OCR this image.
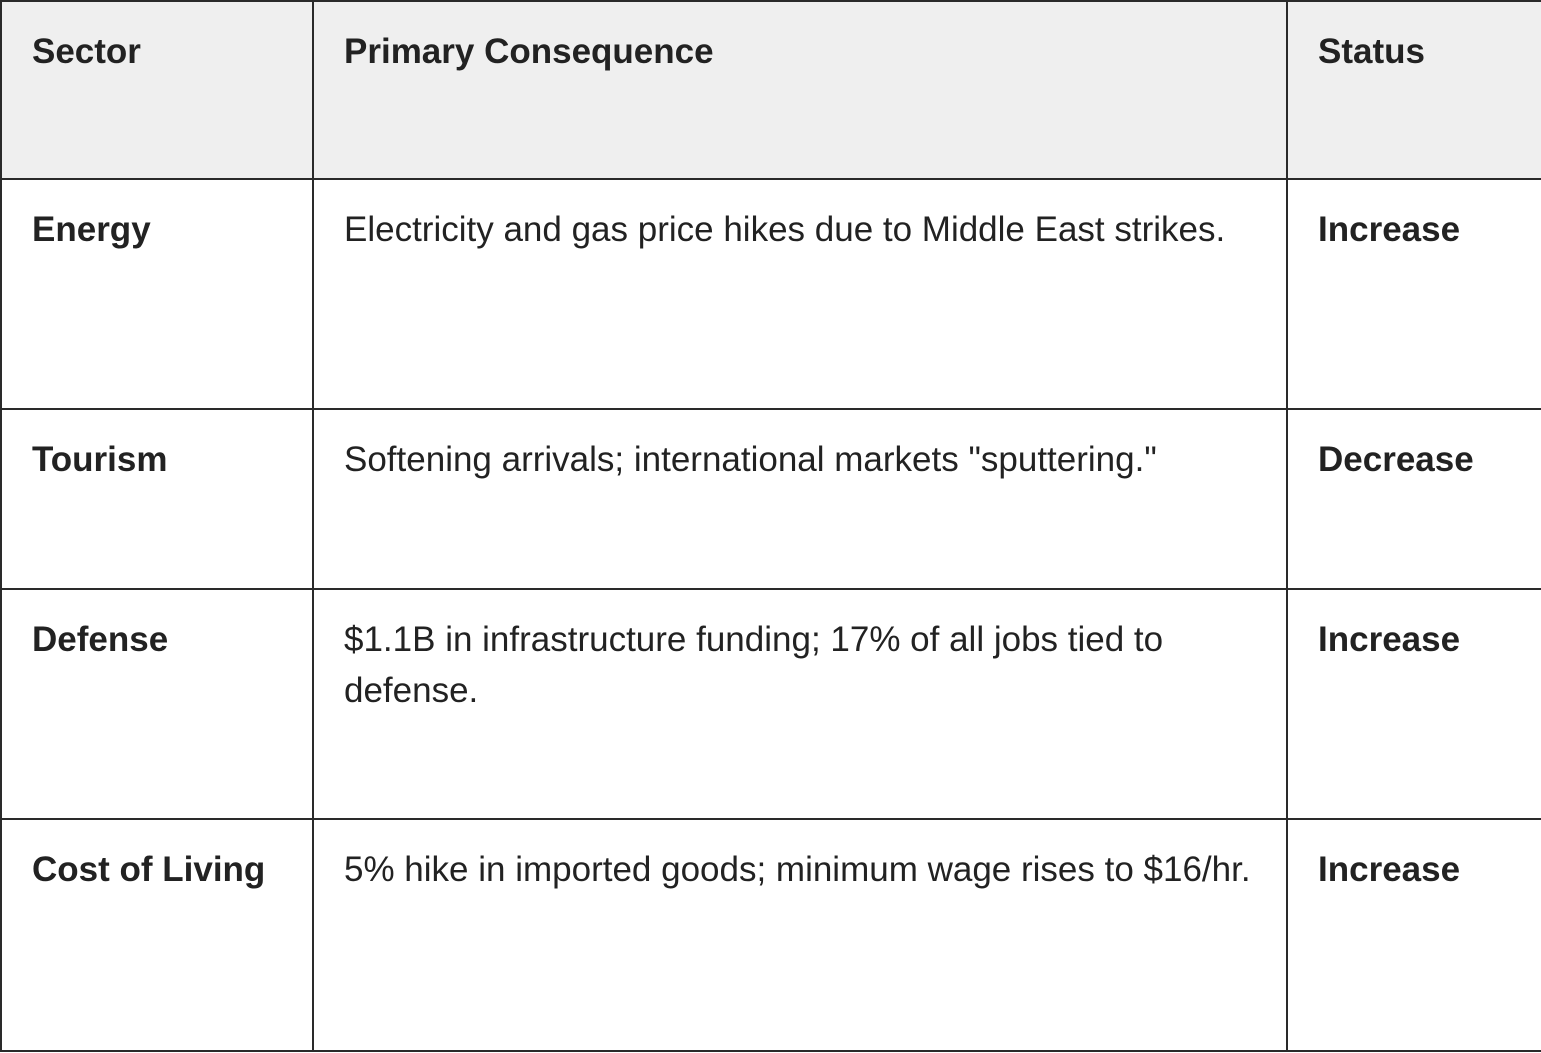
Sector	Primary Consequence	Status
Energy	Electricity and gas price hikes due to Middle East strikes.	Increase
Tourism	Softening arrivals; international markets "sputtering."	Decrease
Defense	$1.1B in infrastructure funding; 17% of all jobs tied to defense.	Increase
Cost of Living	5% hike in imported goods; minimum wage rises to $16/hr.	Increase
